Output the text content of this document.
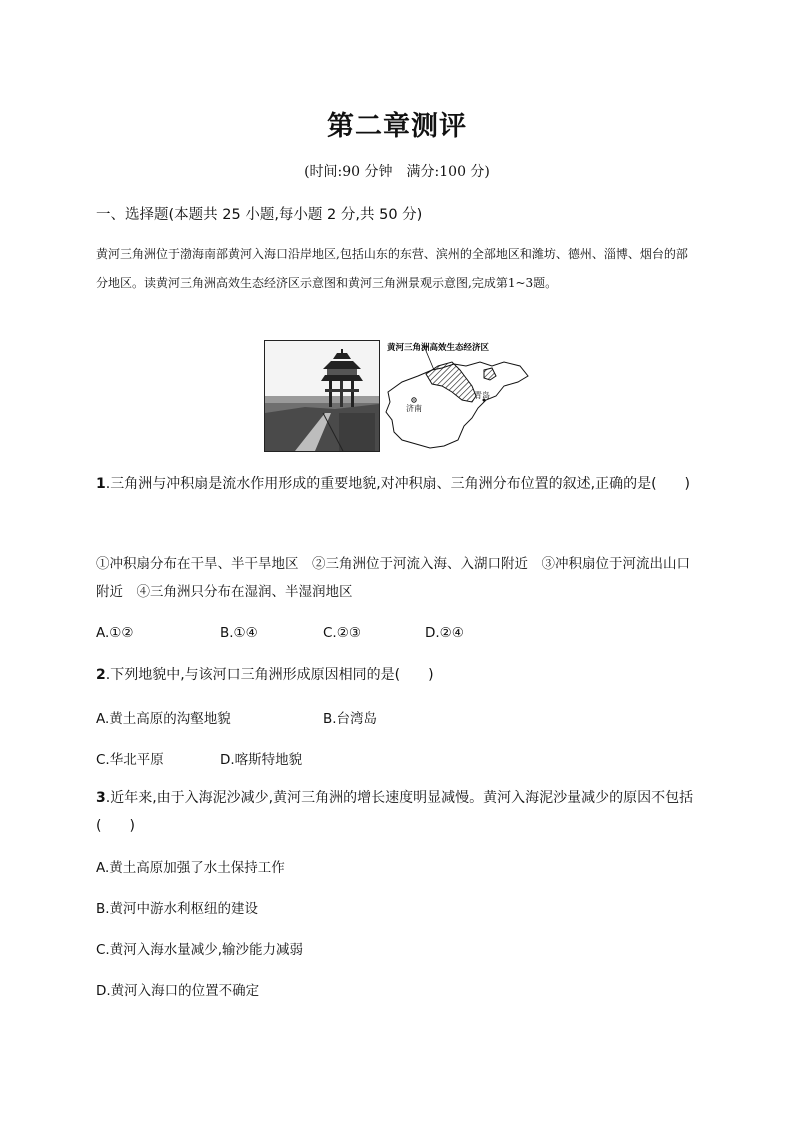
第二章测评
(时间:90 分钟　满分:100 分)
一、选择题(本题共 25 小题,每小题 2 分,共 50 分)
黄河三角洲位于渤海南部黄河入海口沿岸地区,包括山东的东营、滨州的全部地区和潍坊、德州、淄博、烟台的部分地区。读黄河三角洲高效生态经济区示意图和黄河三角洲景观示意图,完成第1~3题。
黄河三角洲高效生态经济区
济南
青岛
1.三角洲与冲积扇是流水作用形成的重要地貌,对冲积扇、三角洲分布位置的叙述,正确的是(　　)
①冲积扇分布在干旱、半干旱地区　②三角洲位于河流入海、入湖口附近　③冲积扇位于河流出山口附近　④三角洲只分布在湿润、半湿润地区
A.①②	B.①④	C.②③	D.②④
2.下列地貌中,与该河口三角洲形成原因相同的是(　　)
A.黄土高原的沟壑地貌	B.台湾岛
C.华北平原	D.喀斯特地貌
3.近年来,由于入海泥沙减少,黄河三角洲的增长速度明显减慢。黄河入海泥沙量减少的原因不包括(　　)
A.黄土高原加强了水土保持工作
B.黄河中游水利枢纽的建设
C.黄河入海水量减少,输沙能力减弱
D.黄河入海口的位置不确定
